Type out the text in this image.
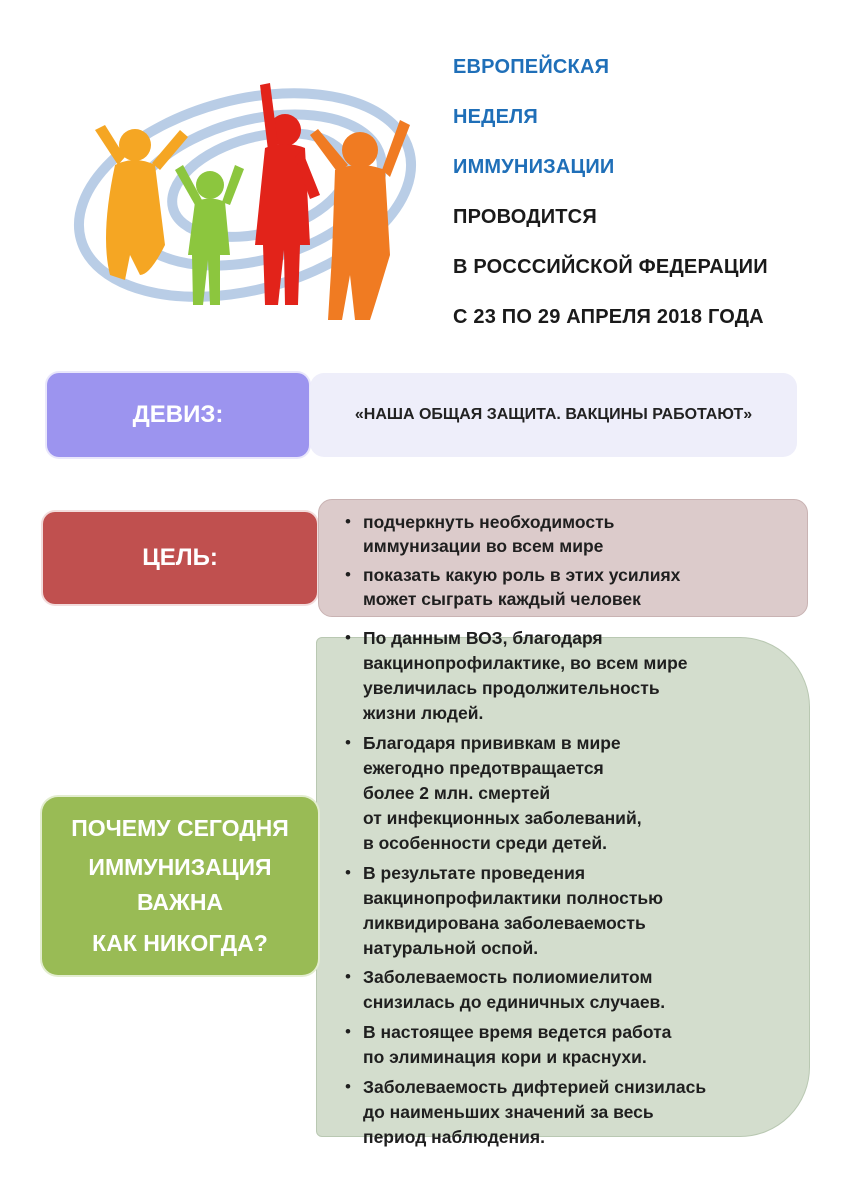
ЕВРОПЕЙСКАЯ
НЕДЕЛЯ
ИММУНИЗАЦИИ
ПРОВОДИТСЯ
В РОСССИЙСКОЙ ФЕДЕРАЦИИ
С 23 ПО 29 АПРЕЛЯ 2018 ГОДА
ДЕВИЗ:	«НАША ОБЩАЯ ЗАЩИТА. ВАКЦИНЫ РАБОТАЮТ»
ЦЕЛЬ:
• подчеркнуть необходимость
иммунизации во всем мире
• показать какую роль в этих усилиях
может сыграть каждый человек
ПОЧЕМУ СЕГОДНЯ
ИММУНИЗАЦИЯ
ВАЖНА
КАК НИКОГДА?
• По данным ВОЗ, благодаря
вакцинопрофилактике, во всем мире
увеличилась продолжительность
жизни людей.
• Благодаря прививкам в мире
ежегодно предотвращается
более 2 млн. смертей
от инфекционных заболеваний,
в особенности среди детей.
• В результате проведения
вакцинопрофилактики полностью
ликвидирована заболеваемость
натуральной оспой.
• Заболеваемость полиомиелитом
снизилась до единичных случаев.
• В настоящее время ведется работа
по элиминация кори и краснухи.
• Заболеваемость дифтерией снизилась
до наименьших значений за весь
период наблюдения.
